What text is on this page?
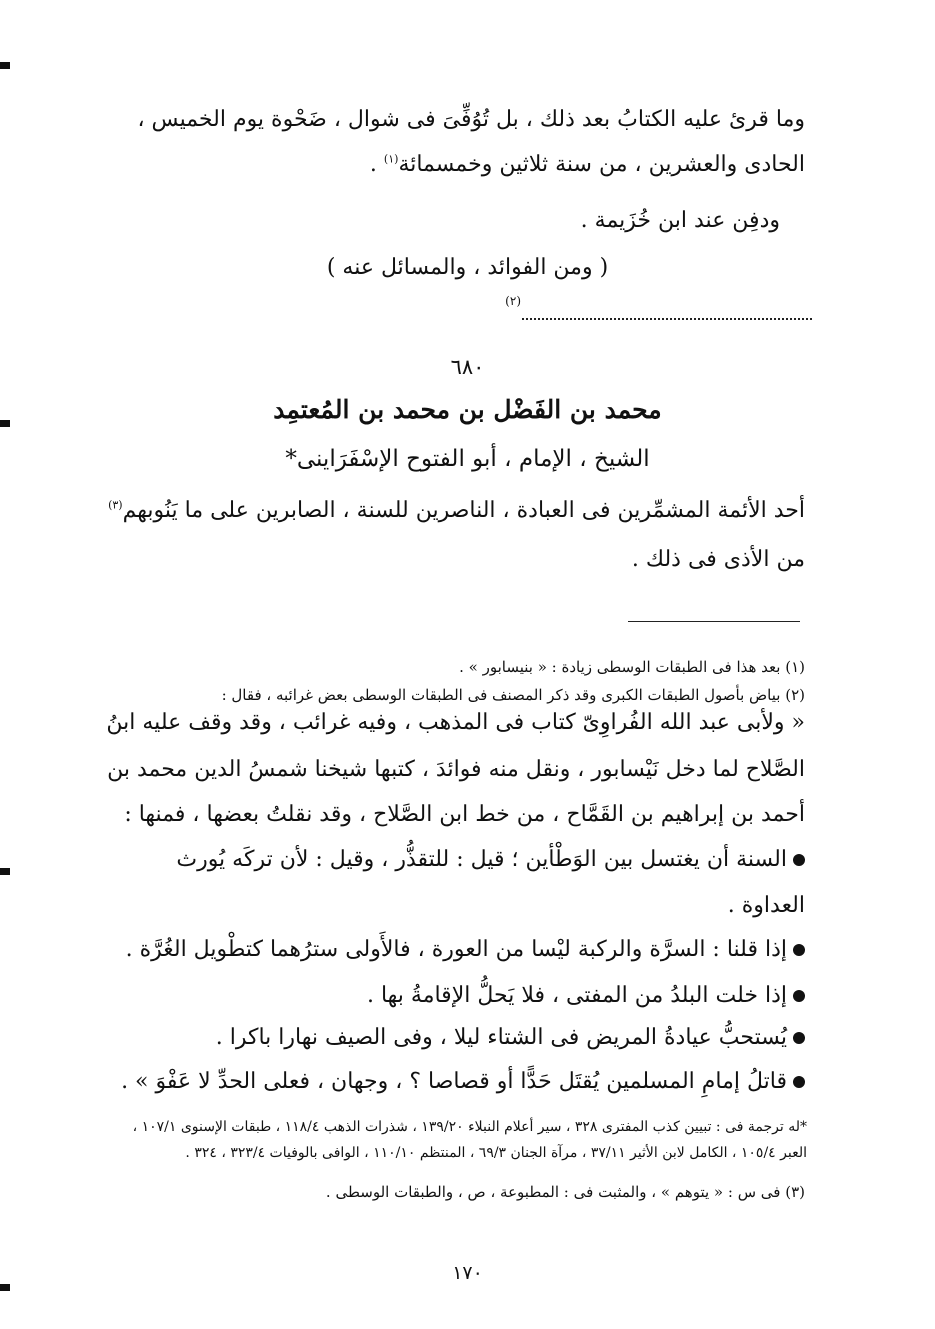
وما قرئ عليه الكتابُ بعد ذلك ، بل تُوُفِّىَ فى شوال ، ضَحْوة يوم الخميس ،
الحادى والعشرين ، من سنة ثلاثين وخمسمائة$^{(١)}$ .
ودفِن عند ابن خُزَيمة .
( ومن الفوائد ، والمسائل عنه )
(٢)
٦٨٠
محمد بن الفَضْل بن محمد بن المُعتمِد
الشيخ ، الإمام ، أبو الفتوح الإسْفَرَاينى*
أحد الأئمة المشمِّرين فى العبادة ، الناصرين للسنة ، الصابرين على ما يَنُوبهم$^{(٣)}$
من الأذى فى ذلك .
(١) بعد هذا فى الطبقات الوسطى زيادة : « بنيسابور » .
(٢) بياض بأصول الطبقات الكبرى وقد ذكر المصنف فى الطبقات الوسطى بعض غرائبه ، فقال :
« ولأبى عبد الله الفُراوِىّ كتاب فى المذهب ، وفيه غرائب ، وقد وقف عليه ابنُ
الصَّلاح لما دخل نَيْسابور ، ونقل منه فوائدَ ، كتبها شيخنا شمسُ الدين محمد بن
أحمد بن إبراهيم بن القَمَّاح ، من خط ابن الصَّلاح ، وقد نقلتُ بعضها ، فمنها :
السنة أن يغتسل بين الوَطْأين ؛ قيل : للتقذُّر ، وقيل : لأن تركَه يُورث
العداوة .
إذا قلنا : السرَّة والركبة ليْسا من العورة ، فالأَولى سترُهما كتطْويل الغُرَّة .
إذا خلت البلدُ من المفتى ، فلا يَحلُّ الإقامةُ بها .
يُستحبُّ عيادةُ المريض فى الشتاء ليلا ، وفى الصيف نهارا باكرا .
قاتلُ إمامِ المسلمين يُقتَل حَدًّا أو قصاصا ؟ ، وجهان ، فعلى الحدِّ لا عَفْوَ » .
*له ترجمة فى : تبيين كذب المفترى ٣٢٨ ، سير أعلام النبلاء ١٣٩/٢٠ ، شذرات الذهب ١١٨/٤ ، طبقات الإسنوى ١٠٧/١ ،
العبر ١٠٥/٤ ، الكامل لابن الأثير ٣٧/١١ ، مرآة الجنان ٦٩/٣ ، المنتظم ١١٠/١٠ ، الوافى بالوفيات ٣٢٣/٤ ، ٣٢٤ .
(٣) فى س : « يتوهم » ، والمثبت فى : المطبوعة ، ص ، والطبقات الوسطى .
١٧٠
